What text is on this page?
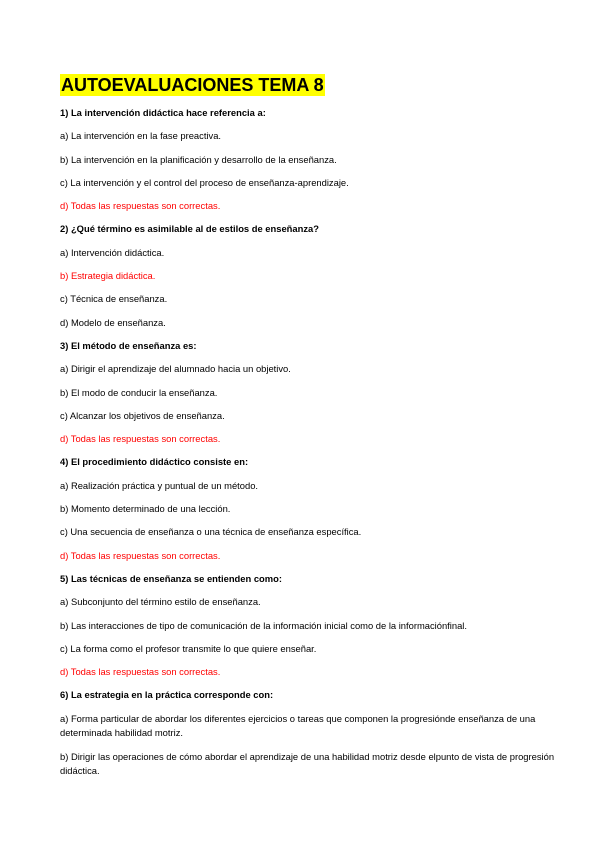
AUTOEVALUACIONES TEMA 8
1) La intervención didáctica hace referencia a:
a) La intervención en la fase preactiva.
b) La intervención en la planificación y desarrollo de la enseñanza.
c) La intervención y el control del proceso de enseñanza-aprendizaje.
d) Todas las respuestas son correctas.
2) ¿Qué término es asimilable al de estilos de enseñanza?
a) Intervención didáctica.
b) Estrategia didáctica.
c) Técnica de enseñanza.
d) Modelo de enseñanza.
3) El método de enseñanza es:
a) Dirigir el aprendizaje del alumnado hacia un objetivo.
b) El modo de conducir la enseñanza.
c) Alcanzar los objetivos de enseñanza.
d) Todas las respuestas son correctas.
4) El procedimiento didáctico consiste en:
a) Realización práctica y puntual de un método.
b) Momento determinado de una lección.
c) Una secuencia de enseñanza o una técnica de enseñanza específica.
d) Todas las respuestas son correctas.
5) Las técnicas de enseñanza se entienden como:
a) Subconjunto del término estilo de enseñanza.
b) Las interacciones de tipo de comunicación de la información inicial como de la informaciónfinal.
c) La forma como el profesor transmite lo que quiere enseñar.
d) Todas las respuestas son correctas.
6) La estrategia en la práctica corresponde con:
a) Forma particular de abordar los diferentes ejercicios o tareas que componen la progresiónde enseñanza de una determinada habilidad motriz.
b) Dirigir las operaciones de cómo abordar el aprendizaje de una habilidad motriz desde elpunto de vista de progresión didáctica.
